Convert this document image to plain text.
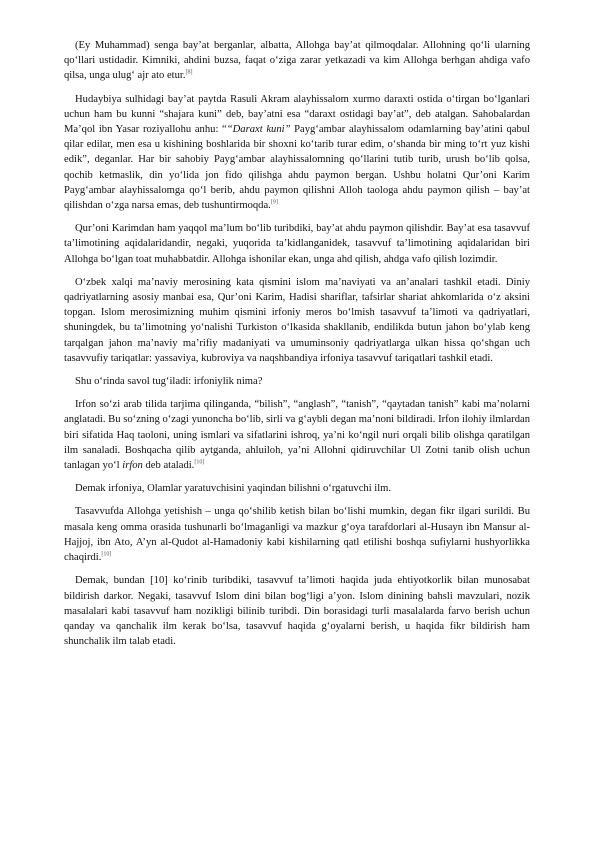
(Ey Muhammad) senga bay’at berganlar, albatta, Allohga bay’at qilmoqdalar. Allohning qo‘li ularning qo‘llari ustidadir. Kimniki, ahdini buzsa, faqat o‘ziga zarar yetkazadi va kim Allohga berhgan ahdiga vafo qilsa, unga ulug‘ ajr ato etur.[8]

Hudaybiya sulhidagi bay’at paytda Rasuli Akram alayhissalom xurmo daraxti ostida o‘tirgan bo‘lganlari uchun ham bu kunni “shajara kuni” deb, bay’atni esa “daraxt ostidagi bay’at”, deb atalgan. Sahobalardan Ma’qol ibn Yasar roziyallohu anhu: ““Daraxt kuni” Payg‘ambar alayhissalom odamlarning bay’atini qabul qilar edilar, men esa u kishining boshlarida bir shoxni ko‘tarib turar edim, o‘shanda bir ming to‘rt yuz kishi edik”, deganlar. Har bir sahobiy Payg‘ambar alayhissalomning qo‘llarini tutib turib, urush bo‘lib qolsa, qochib ketmaslik, din yo‘lida jon fido qilishga ahdu paymon bergan. Ushbu holatni Qur’oni Karim Payg‘ambar alayhissalomga qo‘l berib, ahdu paymon qilishni Alloh taologa ahdu paymon qilish – bay’at qilishdan o‘zga narsa emas, deb tushuntirmoqda.[9]

Qur’oni Karimdan ham yaqqol ma’lum bo‘lib turibdiki, bay’at ahdu paymon qilishdir. Bay’at esa tasavvuf ta’limotining aqidalaridandir, negaki, yuqorida ta’kidlanganidek, tasavvuf ta’limotining aqidalaridan biri Allohga bo‘lgan toat muhabbatdir. Allohga ishonilar ekan, unga ahd qilish, ahdga vafo qilish lozimdir.

O‘zbek xalqi ma’naviy merosining kata qismini islom ma’naviyati va an’analari tashkil etadi. Diniy qadriyatlarning asosiy manbai esa, Qur’oni Karim, Hadisi shariflar, tafsirlar shariat ahkomlarida o‘z aksini topgan. Islom merosimizning muhim qismini irfoniy meros bo‘lmish tasavvuf ta’limoti va qadriyatlari, shuningdek, bu ta’limotning yo‘nalishi Turkiston o‘lkasida shakllanib, endilikda butun jahon bo‘ylab keng tarqalgan jahon ma’naviy ma’rifiy madaniyati va umuminsoniy qadriyatlarga ulkan hissa qo‘shgan uch tasavvufiy tariqatlar: yassaviya, kubroviya va naqshbandiya irfoniya tasavvuf tariqatlari tashkil etadi.

Shu o‘rinda savol tug‘iladi: irfoniylik nima?

Irfon so‘zi arab tilida tarjima qilinganda, “bilish”, “anglash”, “tanish”, “qaytadan tanish” kabi ma’nolarni anglatadi. Bu so‘zning o‘zagi yunoncha bo‘lib, sirli va g‘aybli degan ma’noni bildiradi. Irfon ilohiy ilmlardan biri sifatida Haq taoloni, uning ismlari va sifatlarini ishroq, ya’ni ko‘ngil nuri orqali bilib olishga qaratilgan ilm sanaladi. Boshqacha qilib aytganda, ahluiloh, ya’ni Allohni qidiruvchilar Ul Zotni tanib olish uchun tanlagan yo‘l irfon deb ataladi.[10]

Demak irfoniya, Olamlar yaratuvchisini yaqindan bilishni o‘rgatuvchi ilm.

Tasavvufda Allohga yetishish – unga qo‘shilib ketish bilan bo‘lishi mumkin, degan fikr ilgari surildi. Bu masala keng omma orasida tushunarli bo‘lmaganligi va mazkur g‘oya tarafdorlari al-Husayn ibn Mansur al-Hajjoj, ibn Ato, A’yn al-Qudot al-Hamadoniy kabi kishilarning qatl etilishi boshqa sufiylarni hushyorlikka chaqirdi.[10]

Demak, bundan [10] ko‘rinib turibdiki, tasavvuf ta’limoti haqida juda ehtiyotkorlik bilan munosabat bildirish darkor. Negaki, tasavvuf Islom dini bilan bog‘ligi a’yon. Islom dinining bahsli mavzulari, nozik masalalari kabi tasavvuf ham nozikligi bilinib turibdi. Din borasidagi turli masalalarda farvo berish uchun qanday va qanchalik ilm kerak bo‘lsa, tasavvuf haqida g‘oyalarni berish, u haqida fikr bildirish ham shunchalik ilm talab etadi.
